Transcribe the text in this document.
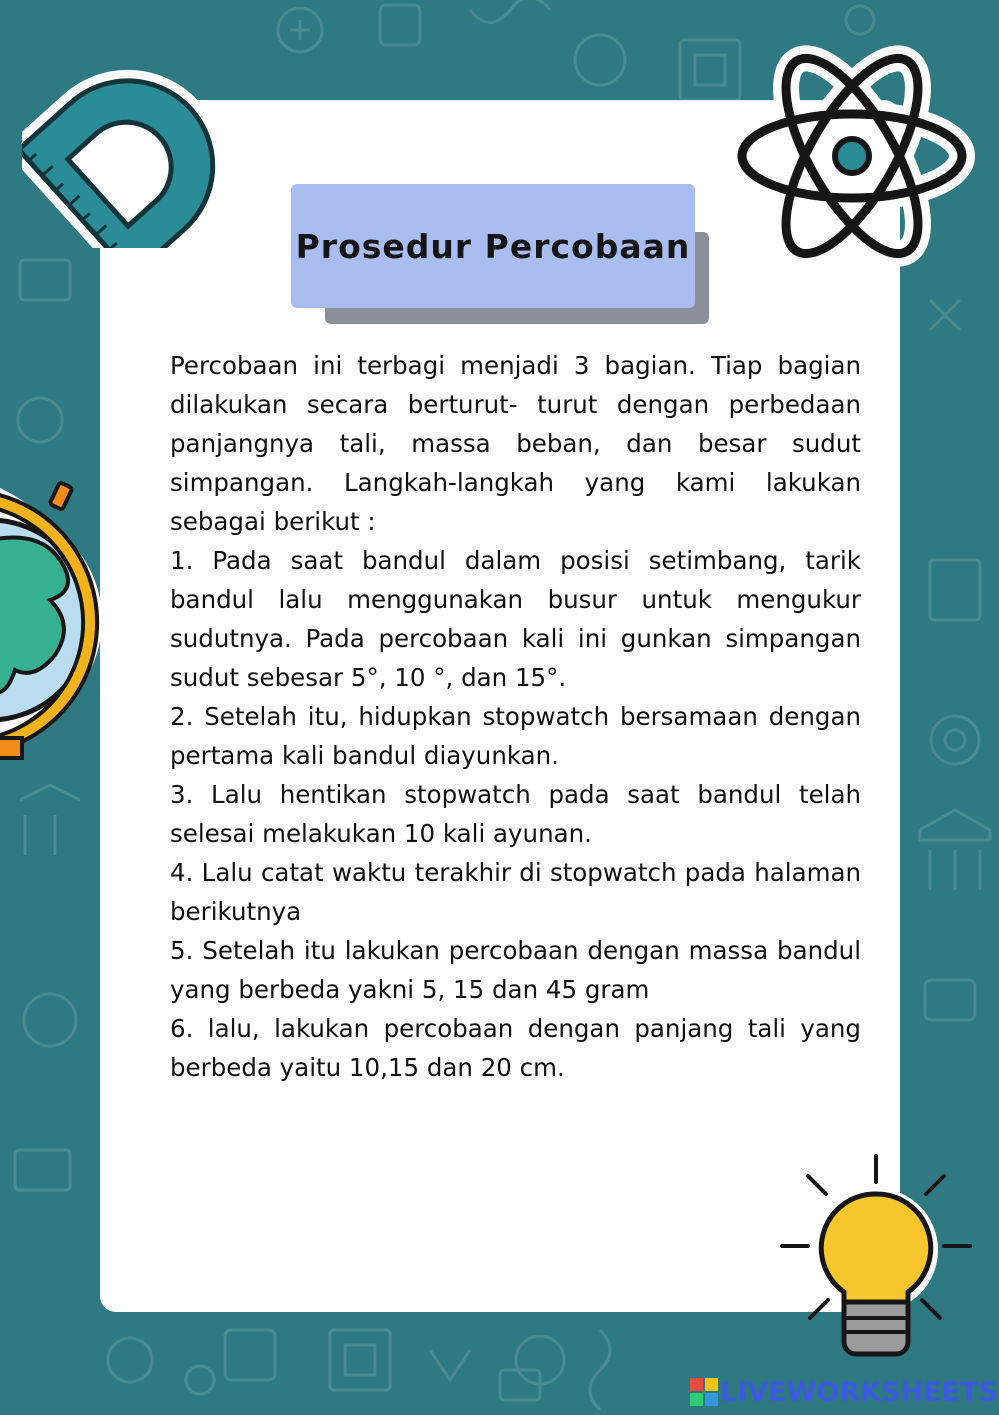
Prosedur Percobaan

Percobaan ini terbagi menjadi 3 bagian. Tiap bagian dilakukan secara berturut- turut dengan perbedaan panjangnya tali, massa beban, dan besar sudut simpangan. Langkah-langkah yang kami lakukan sebagai berikut :

1. Pada saat bandul dalam posisi setimbang, tarik bandul lalu menggunakan busur untuk mengukur sudutnya. Pada percobaan kali ini gunkan simpangan sudut sebesar 5°, 10 °, dan 15°.

2. Setelah itu, hidupkan stopwatch bersamaan dengan pertama kali bandul diayunkan.

3. Lalu hentikan stopwatch pada saat bandul telah selesai melakukan 10 kali ayunan.

4. Lalu catat waktu terakhir di stopwatch pada halaman berikutnya

5. Setelah itu lakukan percobaan dengan massa bandul yang berbeda yakni 5, 15 dan 45 gram

6. lalu, lakukan percobaan dengan panjang tali yang berbeda yaitu 10,15 dan 20 cm.

LIVEWORKSHEETS
